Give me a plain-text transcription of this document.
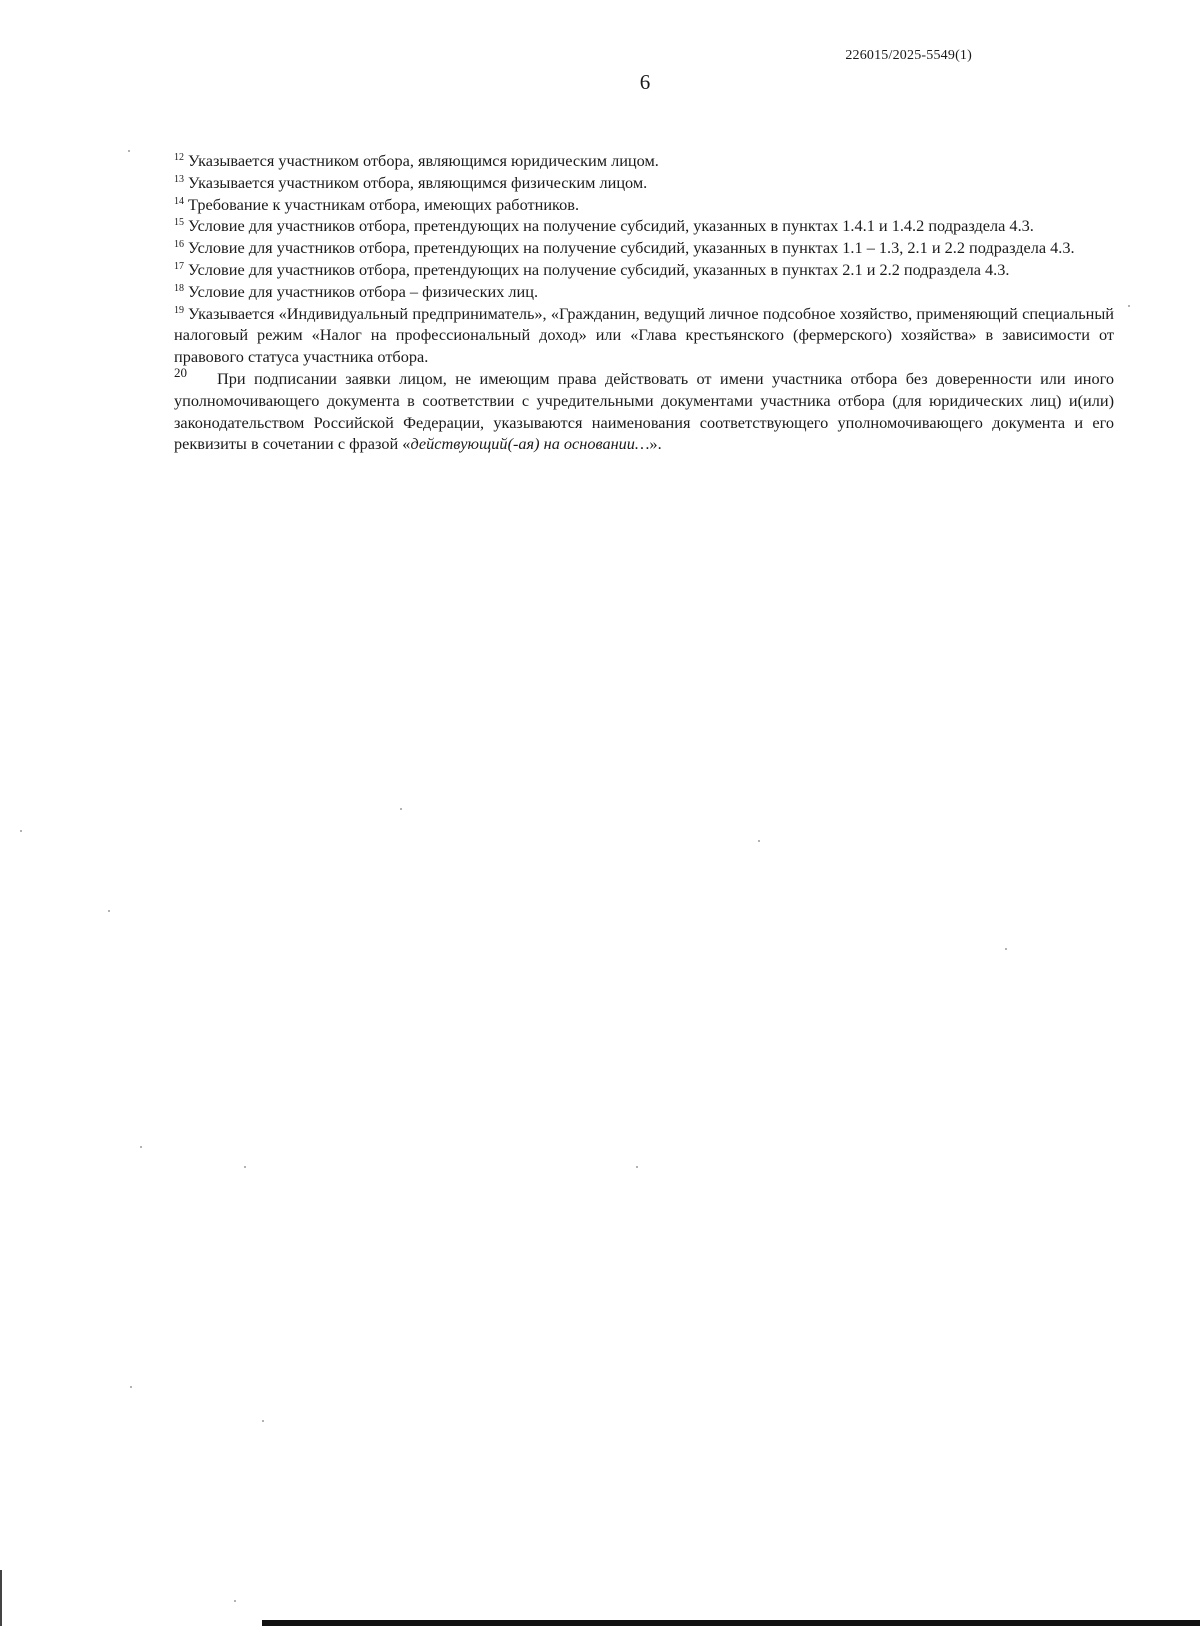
226015/2025-5549(1)
6

$^{12}$ Указывается участником отбора, являющимся юридическим лицом.

$^{13}$ Указывается участником отбора, являющимся физическим лицом.

$^{14}$ Требование к участникам отбора, имеющих работников.

$^{15}$ Условие для участников отбора, претендующих на получение субсидий, указанных в пунктах 1.4.1 и 1.4.2 подраздела 4.3.

$^{16}$ Условие для участников отбора, претендующих на получение субсидий, указанных в пунктах 1.1 – 1.3, 2.1 и 2.2 подраздела 4.3.

$^{17}$ Условие для участников отбора, претендующих на получение субсидий, указанных в пунктах 2.1 и 2.2 подраздела 4.3.

$^{18}$ Условие для участников отбора – физических лиц.

$^{19}$ Указывается «Индивидуальный предприниматель», «Гражданин, ведущий личное подсобное хозяйство, применяющий специальный налоговый режим «Налог на профессиональный доход» или «Глава крестьянского (фермерского) хозяйства» в зависимости от правового статуса участника отбора.

$^{20}$ При подписании заявки лицом, не имеющим права действовать от имени участника отбора без доверенности или иного уполномочивающего документа в соответствии с учредительными документами участника отбора (для юридических лиц) и(или) законодательством Российской Федерации, указываются наименования соответствующего уполномочивающего документа и его реквизиты в сочетании с фразой «действующий(-ая) на основании…».
